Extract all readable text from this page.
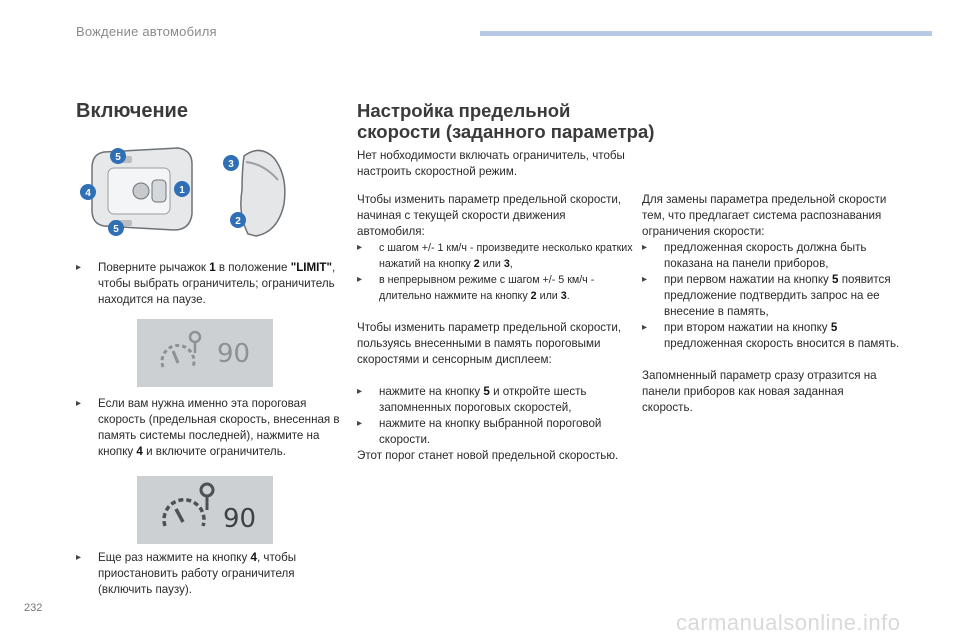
Вождение автомобиля
Включение
1
2
3
4
5
5
▸ Поверните рычажок 1 в положение "LIMIT", чтобы выбрать ограничитель; ограничитель находится на паузе.
90
▸ Если вам нужна именно эта пороговая скорость (предельная скорость, внесенная в память системы последней), нажмите на кнопку 4 и включите ограничитель.
90
▸ Еще раз нажмите на кнопку 4, чтобы приостановить работу ограничителя (включить паузу).
Настройка предельной скорости (заданного параметра)
Нет нобходимости включать ограничитель, чтобы настроить скоростной режим.
Чтобы изменить параметр предельной скорости, начиная с текущей скорости движения автомобиля:
▸ с шагом +/- 1 км/ч - произведите несколько кратких нажатий на кнопку 2 или 3,
▸ в непрерывном режиме с шагом +/- 5 км/ч - длительно нажмите на кнопку 2 или 3.
Чтобы изменить параметр предельной скорости, пользуясь внесенными в память пороговыми скоростями и сенсорным дисплеем:
▸ нажмите на кнопку 5 и откройте шесть запомненных пороговых скоростей,
▸ нажмите на кнопку выбранной пороговой скорости.
Этот порог станет новой предельной скоростью.
Для замены параметра предельной скорости тем, что предлагает система распознавания ограничения скорости:
▸ предложенная скорость должна быть показана на панели приборов,
▸ при первом нажатии на кнопку 5 появится предложение подтвердить запрос на ее внесение в память,
▸ при втором нажатии на кнопку 5 предложенная скорость вносится в память.
Запомненный параметр сразу отразится на панели приборов как новая заданная скорость.
232
carmanualsonline.info
